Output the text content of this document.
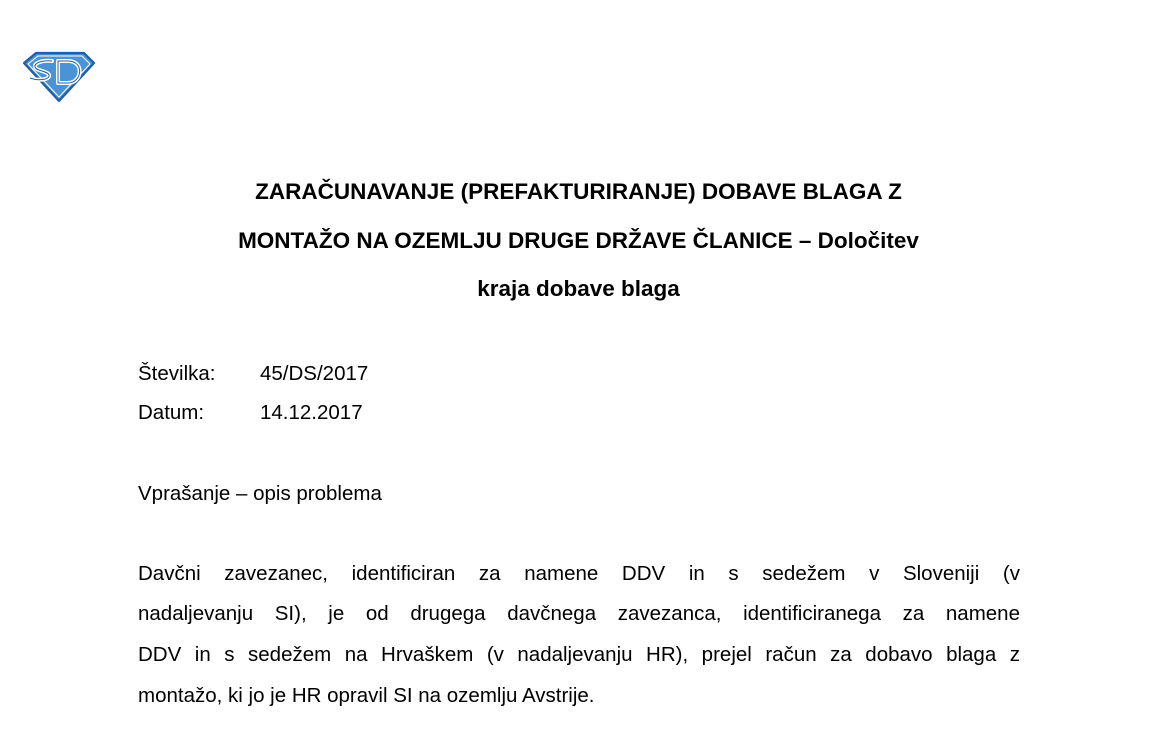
ZARAČUNAVANJE (PREFAKTURIRANJE) DOBAVE BLAGA Z
MONTAŽO NA OZEMLJU DRUGE DRŽAVE ČLANICE – Določitev
kraja dobave blaga
Številka: 45/DS/2017
Datum:	14.12.2017
Vprašanje – opis problema
Davčni zavezanec, identificiran za namene DDV in s sedežem v Sloveniji (v
nadaljevanju SI), je od drugega davčnega zavezanca, identificiranega za namene
DDV in s sedežem na Hrvaškem (v nadaljevanju HR), prejel račun za dobavo blaga z
montažo, ki jo je HR opravil SI na ozemlju Avstrije.
